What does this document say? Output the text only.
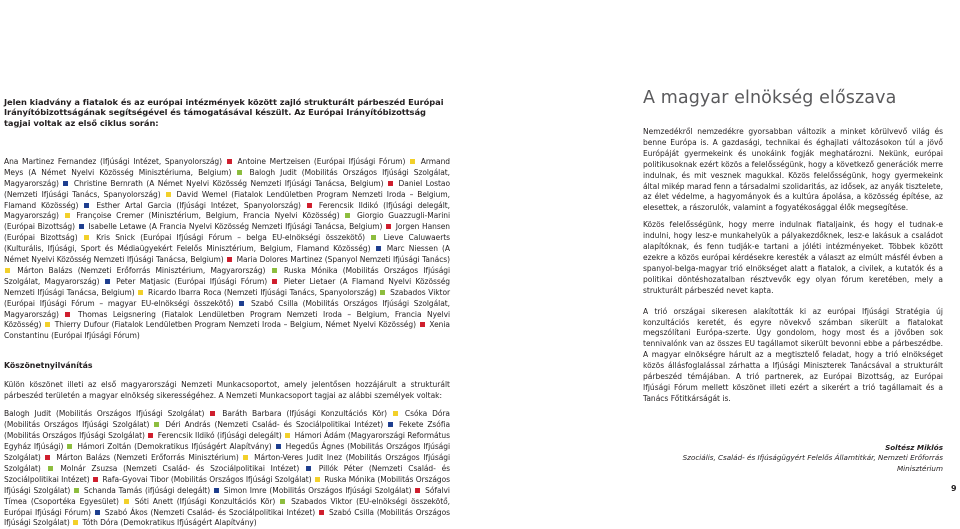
Jelen kiadvány a fiatalok és az európai intézmények között zajló strukturált párbeszéd Európai Irányítóbizottságának segítségével és támogatásával készült. Az Európai Irányítóbizottság tagjai voltak az első ciklus során:

Ana Martinez Fernandez (Ifjúsági Intézet, Spanyolország)  Antoine Mertzeisen (Európai Ifjúsági Fórum)  Armand Meys (A Német Nyelvi Közösség Minisztériuma, Belgium)  Balogh Judit (Mobilitás Országos Ifjúsági Szolgálat, Magyarország)  Christine Bernrath (A Német Nyelvi Közösség Nemzeti Ifjúsági Tanácsa, Belgium)  Daniel Lostao (Nemzeti Ifjúsági Tanács, Spanyolország)  David Wemel (Fiatalok Lendületben Program Nemzeti Iroda – Belgium, Flamand Közösség)  Esther Artal Garcia (Ifjúsági Intézet, Spanyolország)  Ferencsik Ildikó (Ifjúsági delegált, Magyarország)  Françoise Cremer (Minisztérium, Belgium, Francia Nyelvi Közösség)  Giorgio Guazzugli-Marini (Európai Bizottság)  Isabelle Letawe (A Francia Nyelvi Közösség Nemzeti Ifjúsági Tanácsa, Belgium)  Jorgen Hansen (Európai Bizottság)  Kris Snick (Európai Ifjúsági Fórum – belga EU-elnökségi összekötő)  Lieve Caluwaerts (Kulturális, Ifjúsági, Sport és Médiaügyekért Felelős Minisztérium, Belgium, Flamand Közösség)  Marc Niessen (A Német Nyelvi Közösség Nemzeti Ifjúsági Tanácsa, Belgium)  Maria Dolores Martinez (Spanyol Nemzeti Ifjúsági Tanács)  Márton Balázs (Nemzeti Erőforrás Minisztérium, Magyarország)  Ruska Mónika (Mobilitás Országos Ifjúsági Szolgálat, Magyarország)  Peter Matjasic (Európai Ifjúsági Fórum)  Pieter Lietaer (A Flamand Nyelvi Közösség Nemzeti Ifjúsági Tanácsa, Belgium)  Ricardo Ibarra Roca (Nemzeti Ifjúsági Tanács, Spanyolország)  Szabados Viktor (Európai Ifjúsági Fórum – magyar EU-elnökségi összekötő)  Szabó Csilla (Mobilitás Országos Ifjúsági Szolgálat, Magyarország)  Thomas Leigsnering (Fiatalok Lendületben Program Nemzeti Iroda – Belgium, Francia Nyelvi Közösség)  Thierry Dufour (Fiatalok Lendületben Program Nemzeti Iroda – Belgium, Német Nyelvi Közösség)  Xenia Constantinu (Európai Ifjúsági Fórum)

Köszönetnyilvánítás

Külön köszönet illeti az első magyarországi Nemzeti Munkacsoportot, amely jelentősen hozzájárult a strukturált párbeszéd területén a magyar elnökség sikerességéhez. A Nemzeti Munkacsoport tagjai az alábbi személyek voltak:

Balogh Judit (Mobilitás Országos Ifjúsági Szolgálat)  Baráth Barbara (Ifjúsági Konzultációs Kör)  Csóka Dóra (Mobilitás Országos Ifjúsági Szolgálat)  Déri András (Nemzeti Család- és Szociálpolitikai Intézet)  Fekete Zsófia (Mobilitás Országos Ifjúsági Szolgálat)  Ferencsik Ildikó (ifjúsági delegált)  Hámori Ádám (Magyarországi Református Egyház Ifjúsági)  Hámori Zoltán (Demokratikus Ifjúságért Alapítvány)  Hegedűs Ágnes (Mobilitás Országos Ifjúsági Szolgálat)  Márton Balázs (Nemzeti Erőforrás Minisztérium)  Márton-Veres Judit Inez (Mobilitás Országos Ifjúsági Szolgálat)  Molnár Zsuzsa (Nemzeti Család- és Szociálpolitikai Intézet)  Pillók Péter (Nemzeti Család- és Szociálpolitikai Intézet)  Rafa-Gyovai Tibor (Mobilitás Országos Ifjúsági Szolgálat)  Ruska Mónika (Mobilitás Országos Ifjúsági Szolgálat)  Schanda Tamás (ifjúsági delegált)  Simon Imre (Mobilitás Országos Ifjúsági Szolgálat)  Sófalvi Tímea (Csoportéka Egyesület)  Sóti Anett (Ifjúsági Konzultációs Kör)  Szabados Viktor (EU-elnökségi összekötő, Európai Ifjúsági Fórum)  Szabó Ákos (Nemzeti Család- és Szociálpolitikai Intézet)  Szabó Csilla (Mobilitás Országos Ifjúsági Szolgálat)  Tóth Dóra (Demokratikus Ifjúságért Alapítvány)

A magyar elnökség előszava

Nemzedékről nemzedékre gyorsabban változik a minket körülvevő világ és benne Európa is. A gazdasági, technikai és éghajlati változásokon túl a jövő Európáját gyermekeink és unokáink fogják meghatározni. Nekünk, európai politikusoknak ezért közös a felelősségünk, hogy a következő generációk merre indulnak, és mit vesznek magukkal. Közös felelősségünk, hogy gyermekeink által mikép marad fenn a társadalmi szolidaritás, az idősek, az anyák tisztelete, az élet védelme, a hagyományok és a kultúra ápolása, a közösség építése, az elesettek, a rászorulók, valamint a fogyatékosággal élők megsegítése.

Közös felelősségünk, hogy merre indulnak fiataljaink, és hogy el tudnak-e indulni, hogy lesz-e munkahelyük a pályakezdőknek, lesz-e lakásuk a családot alapítóknak, és fenn tudják-e tartani a jóléti intézményeket. Többek között ezekre a közös európai kérdésekre keresték a választ az elmúlt másfél évben a spanyol-belga-magyar trió elnökséget alatt a fiatalok, a civilek, a kutatók és a politikai döntéshozatalban résztvevők egy olyan fórum keretében, mely a strukturált párbeszéd nevet kapta.

A trió országai sikeresen alakították ki az európai Ifjúsági Stratégia új konzultációs keretét, és egyre növekvő számban sikerült a fiatalokat megszólítani Európa-szerte. Úgy gondolom, hogy most és a jövőben sok tennivalónk van az összes EU tagállamot sikerült bevonni ebbe a párbeszédbe. A magyar elnökségre hárult az a megtisztelő feladat, hogy a trió elnökséget közös állásfoglalással zárhatta a Ifjúsági Miniszterek Tanácsával a strukturált párbeszéd témájában. A trió partnerek, az Európai Bizottság, az Európai Ifjúsági Fórum mellett köszönet illeti ezért a sikerért a trió tagállamait és a Tanács Főtitkárságát is.

Soltész Miklós
Szociális, Család- és Ifjúságügyért Felelős Államtitkár, Nemzeti Erőforrás Minisztérium
9
